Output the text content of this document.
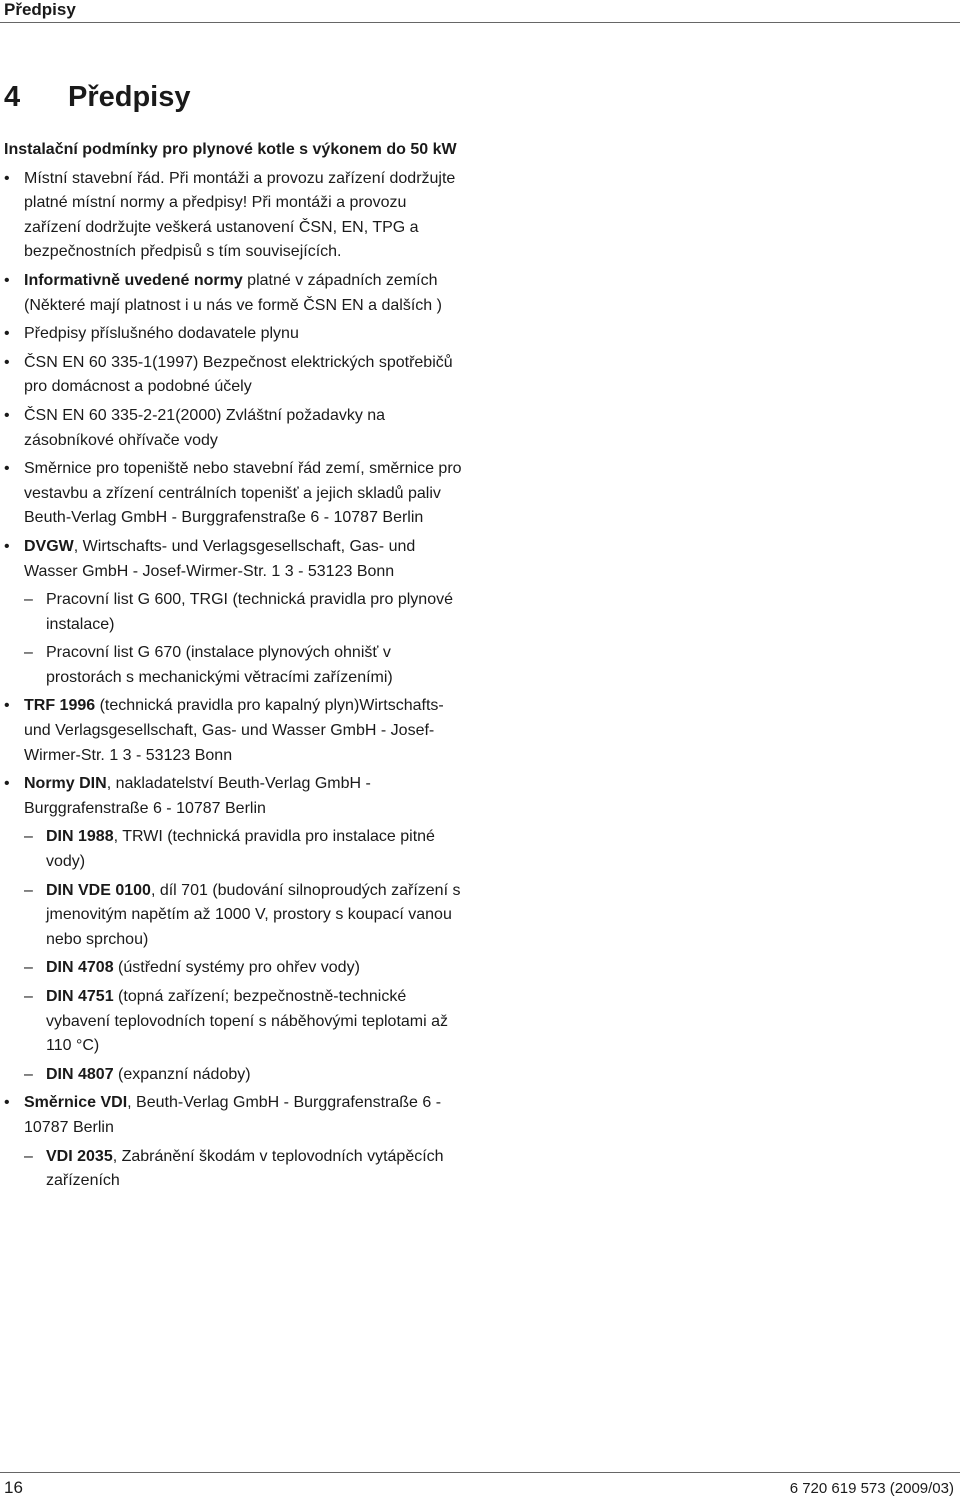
Předpisy
4 Předpisy

Instalační podmínky pro plynové kotle s výkonem do 50 kW

• Místní stavební řád. Při montáži a provozu zařízení dodržujte platné místní normy a předpisy! Při montáži a provozu zařízení dodržujte veškerá ustanovení ČSN, EN, TPG a bezpečnostních předpisů s tím souvisejících.
• Informativně uvedené normy platné v západních zemích (Některé mají platnost i u nás ve formě ČSN EN a dalších )
• Předpisy příslušného dodavatele plynu
• ČSN EN 60 335-1(1997) Bezpečnost elektrických spotřebičů pro domácnost a podobné účely
• ČSN EN 60 335-2-21(2000) Zvláštní požadavky na zásobníkové ohřívače vody
• Směrnice pro topeniště nebo stavební řád zemí, směrnice pro vestavbu a zřízení centrálních topenišť a jejich skladů paliv Beuth-Verlag GmbH - Burggrafenstraße 6 - 10787 Berlin
• DVGW, Wirtschafts- und Verlagsgesellschaft, Gas- und Wasser GmbH - Josef-Wirmer-Str. 1 3 - 53123 Bonn
– Pracovní list G 600, TRGI (technická pravidla pro plynové instalace)
– Pracovní list G 670 (instalace plynových ohnišť v prostorách s mechanickými větracími zařízeními)
• TRF 1996 (technická pravidla pro kapalný plyn)Wirtschafts- und Verlagsgesellschaft, Gas- und Wasser GmbH - Josef-Wirmer-Str. 1 3 - 53123 Bonn
• Normy DIN, nakladatelství Beuth-Verlag GmbH - Burggrafenstraße 6 - 10787 Berlin
– DIN 1988, TRWI (technická pravidla pro instalace pitné vody)
– DIN VDE 0100, díl 701 (budování silnoproudých zařízení s jmenovitým napětím až 1000 V, prostory s koupací vanou nebo sprchou)
– DIN 4708 (ústřední systémy pro ohřev vody)
– DIN 4751 (topná zařízení; bezpečnostně-technické vybavení teplovodních topení s náběhovými teplotami až 110 °C)
– DIN 4807 (expanzní nádoby)
• Směrnice VDI, Beuth-Verlag GmbH - Burggrafenstraße 6 - 10787 Berlin
– VDI 2035, Zabránění škodám v teplovodních vytápěcích zařízeních
16	6 720 619 573 (2009/03)
